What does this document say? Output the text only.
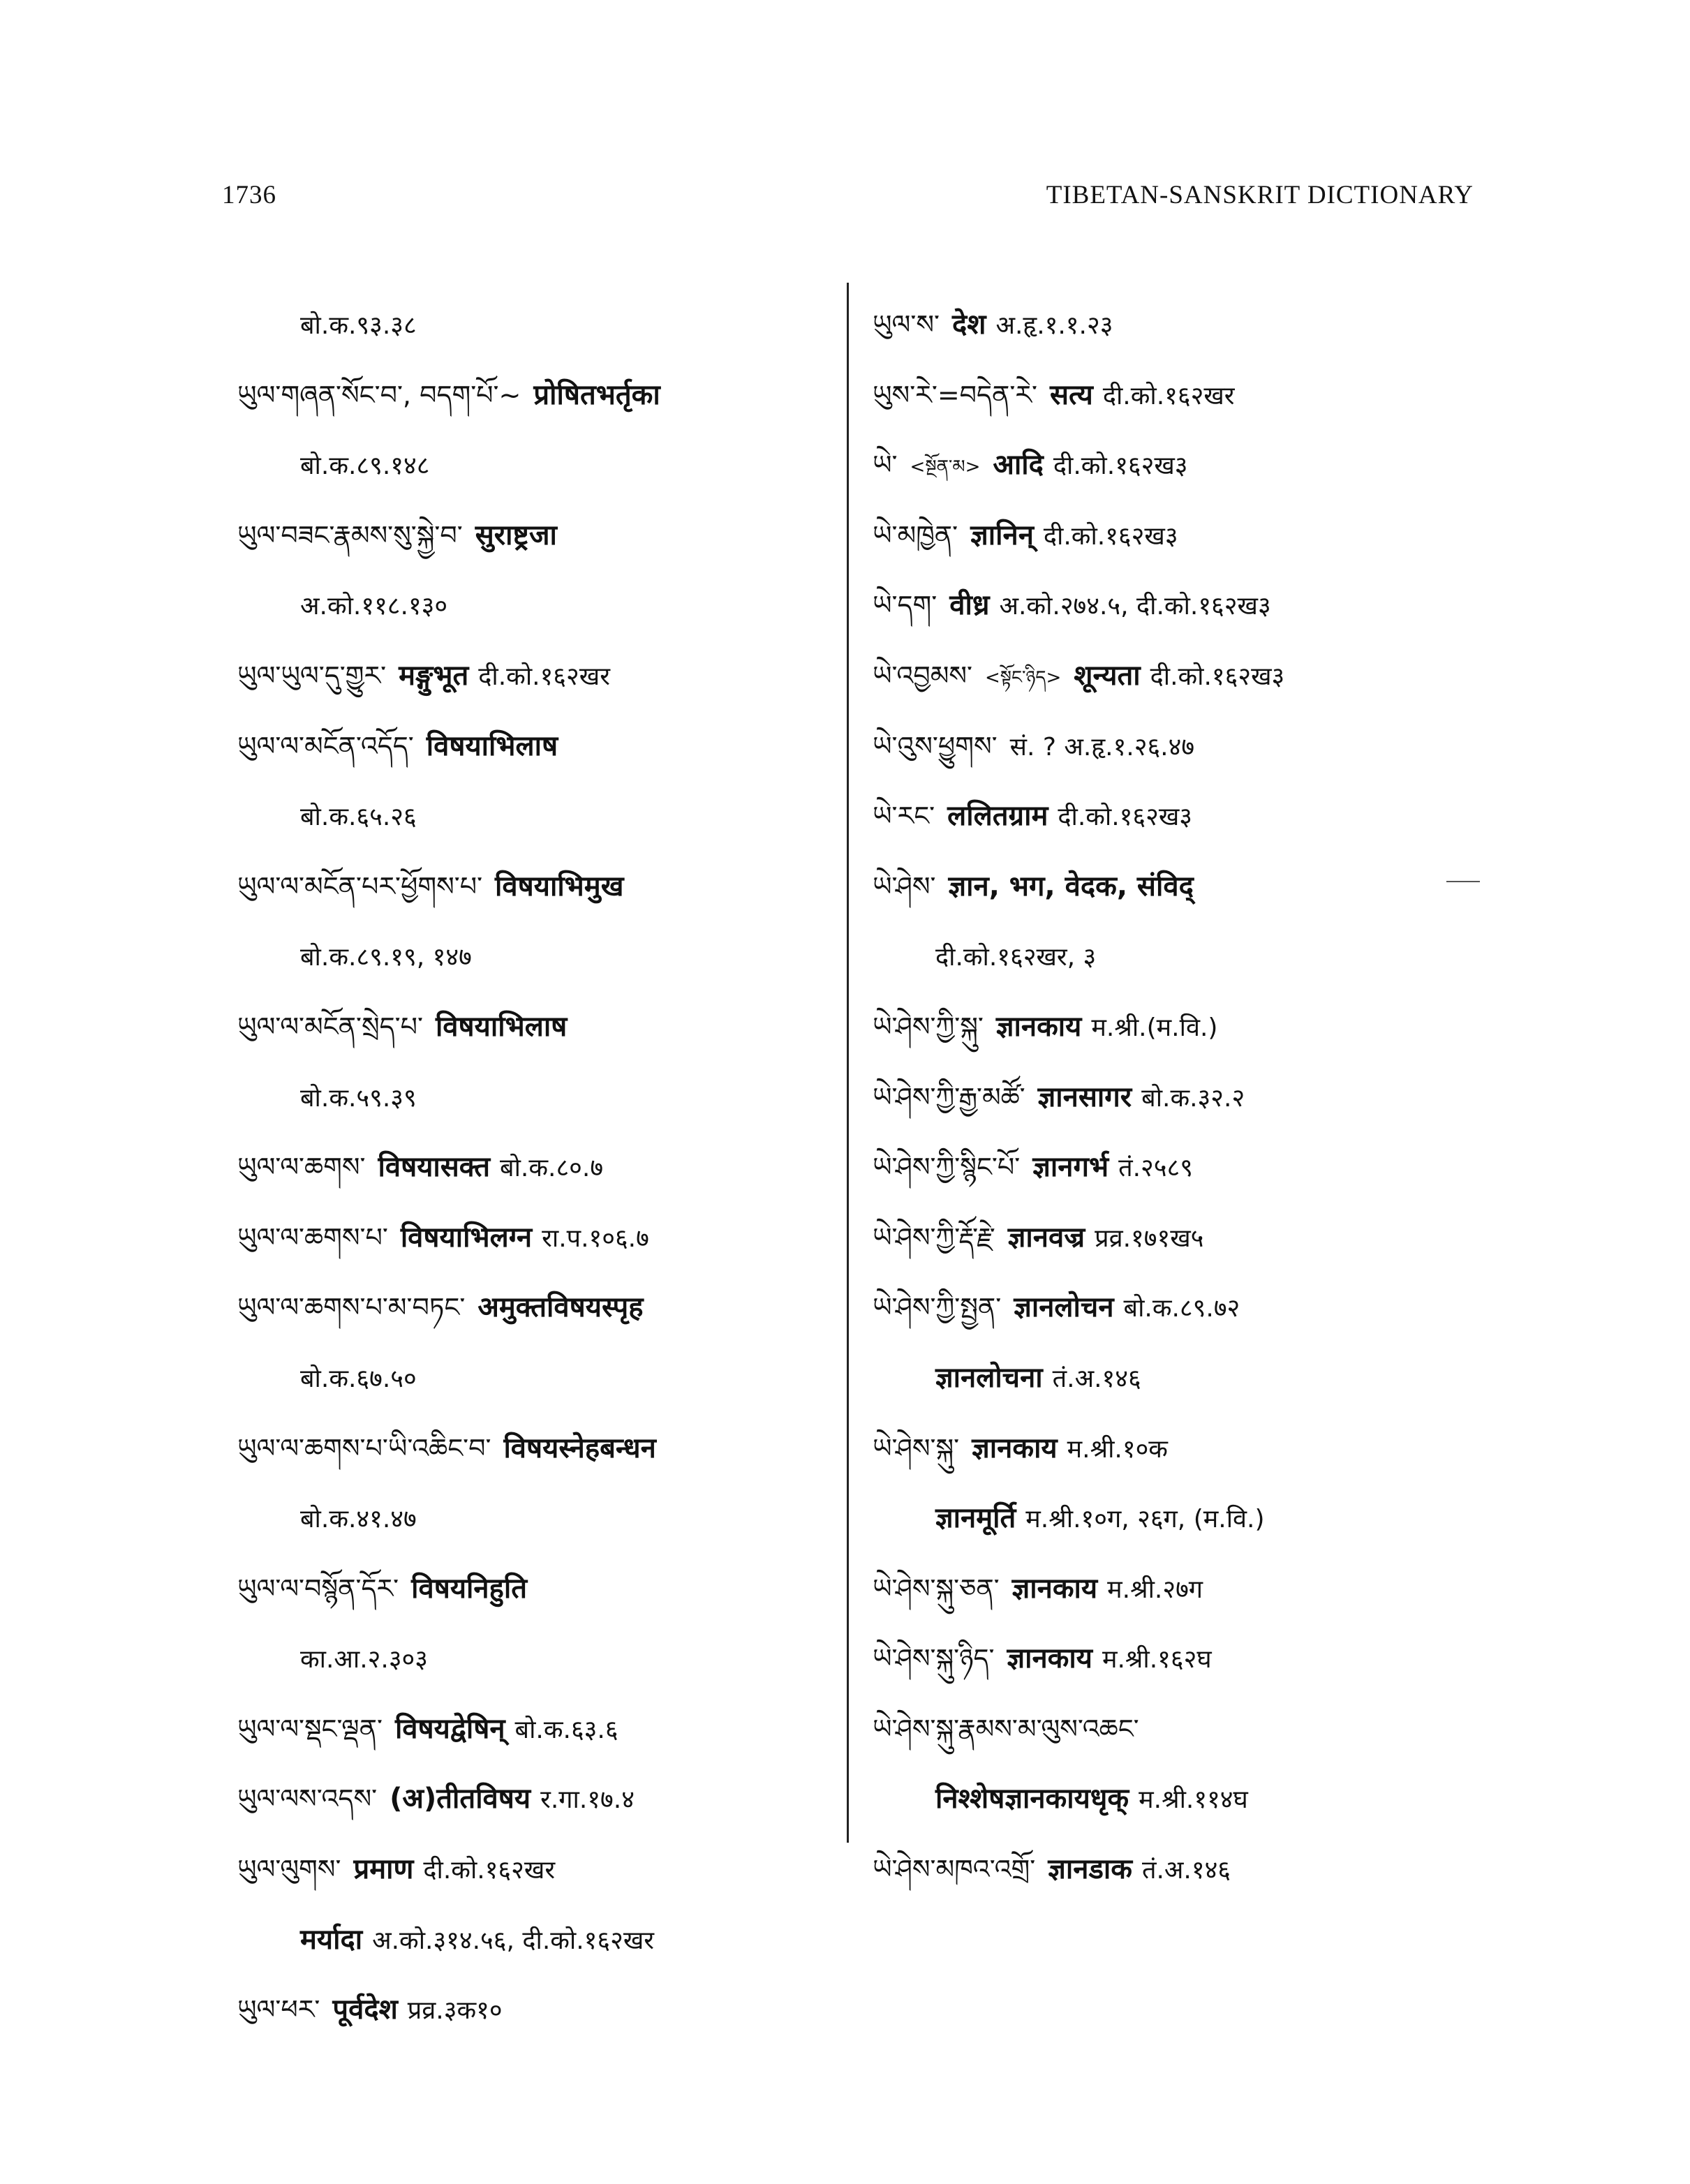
1736	TIBETAN-SANSKRIT DICTIONARY
बो.क.९३.३८
ཡུལ་གཞན་སོང་བ་, བདག་པོ་~ प्रोषितभर्तृका
बो.क.८९.१४८
ཡུལ་བཟང་རྣམས་སུ་སྐྱེ་བ་ सुराष्ट्रजा
अ.को.११८.१३०
ཡུལ་ཡུལ་དུ་གྱུར་ मङ्गुभूत दी.को.१६२खर
ཡུལ་ལ་མངོན་འདོད་ विषयाभिलाष
बो.क.६५.२६
ཡུལ་ལ་མངོན་པར་ཕྱོགས་པ་ विषयाभिमुख
बो.क.८९.१९, १४७
ཡུལ་ལ་མངོན་སྲེད་པ་ विषयाभिलाष
बो.क.५९.३९
ཡུལ་ལ་ཆགས་ विषयासक्त बो.क.८०.७
ཡུལ་ལ་ཆགས་པ་ विषयाभिलग्न रा.प.१०६.७
ཡུལ་ལ་ཆགས་པ་མ་བཏང་ अमुक्तविषयस्पृह
बो.क.६७.५०
ཡུལ་ལ་ཆགས་པ་ཡི་འཆིང་བ་ विषयस्नेहबन्धन
बो.क.४१.४७
ཡུལ་ལ་བསྙོན་དོར་ विषयनिहुति
का.आ.२.३०३
ཡུལ་ལ་སྡང་ལྡན་ विषयद्वेषिन् बो.क.६३.६
ཡུལ་ལས་འདས་ (अ)तीतविषय र.गा.१७.४
ཡུལ་ལུགས་ प्रमाण दी.को.१६२खर
मर्यादा अ.को.३१४.५६, दी.को.१६२खर
ཡུལ་ཕར་ पूर्वदेश प्रव्र.३क१०
ཡུལ་ས་ देश अ.हृ.१.१.२३
ཡུས་རེ་=བདེན་རེ་ सत्य दी.को.१६२खर
ཡེ་ <སྔོན་མ> आदि दी.को.१६२ख३
ཡེ་མཁྱེན་ ज्ञानिन् दी.को.१६२ख३
ཡེ་དག་ वीध्र अ.को.२७४.५, दी.को.१६२ख३
ཡེ་འབྱམས་ <སྟོང་ཉིད> शून्यता दी.को.१६२ख३
ཡེ་འུས་ཕྱུགས་ सं. ? अ.हृ.१.२६.४७
ཡེ་རང་ ललितग्राम दी.को.१६२ख३
ཡེ་ཤེས་ ज्ञान, भग, वेदक, संविद्
दी.को.१६२खर, ३
ཡེ་ཤེས་ཀྱི་སྐུ་ ज्ञानकाय म.श्री.(म.वि.)
ཡེ་ཤེས་ཀྱི་རྒྱ་མཚོ་ ज्ञानसागर बो.क.३२.२
ཡེ་ཤེས་ཀྱི་སྙིང་པོ་ ज्ञानगर्भ तं.२५८९
ཡེ་ཤེས་ཀྱི་རྡོ་རྗེ་ ज्ञानवज्र प्रव्र.१७१ख५
ཡེ་ཤེས་ཀྱི་སྤྱན་ ज्ञानलोचन बो.क.८९.७२
ज्ञानलोचना तं.अ.१४६
ཡེ་ཤེས་སྐུ་ ज्ञानकाय म.श्री.१०क
ज्ञानमूर्ति म.श्री.१०ग, २६ग, (म.वि.)
ཡེ་ཤེས་སྐུ་ཅན་ ज्ञानकाय म.श्री.२७ग
ཡེ་ཤེས་སྐུ་ཉིད་ ज्ञानकाय म.श्री.१६२घ
ཡེ་ཤེས་སྐུ་རྣམས་མ་ལུས་འཆང་
निश्शेषज्ञानकायधृक् म.श्री.११४घ
ཡེ་ཤེས་མཁའ་འགྲོ་ ज्ञानडाक तं.अ.१४६
